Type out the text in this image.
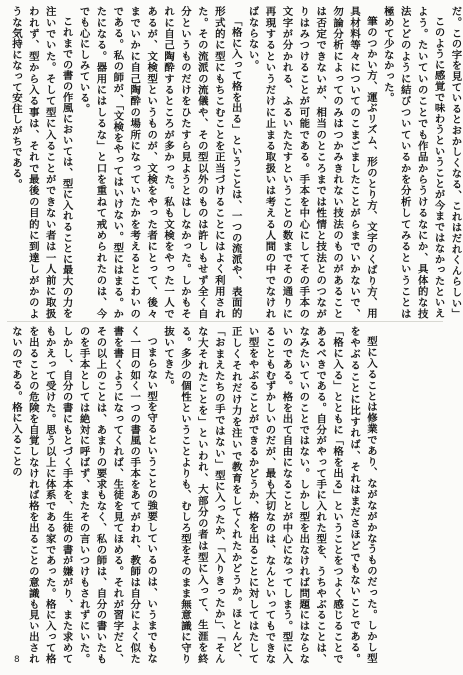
だ。この字を見ているとおかしくなる、これはだれくんらしい」

このように感覚で味わうということが今まではなかったといえよう。たいていのことでも作品からうけるなにか、具体的な技法とどのように結びついているかを分析してみるということは極めて少なかった。

筆のつかい方、運ぶリズム、形のとり方、文字のくばり方、用具材料等々についてのこまごましたことがらまでいかないで、勿論分析によってのみはつかみきれない技法のものがあることは否定できないが、相当のところまでは性情と技法とのつながりはみつけることが可能である。手本を中心にしてその手本の文字が分かれる、ふるいたたすということの数までその通りに再現するというだけに止まる取扱いは考える人間の中でなければならない。

「格に入って格を出る」ということは、一つの流派や、表面的形式的に型にもちこむことを正当づけることにはよく利用された。その流派の流儀や、その型以外のものは許しもせず全く自分というものだけをひたすら見ようとはしなかった。しかもそれに自己陶酔するところが多かった。私も文検をやった一人であるが、文検型というものが、文検をやった者にとって、後々までいかに自己陶酔の場所になっていたかを考えるとこわいのである。私の師が、「文検をやってはいけない。型にはまる。かたになる。器用にはしるな」と口を重ねて戒められたのは、今でも心にしみている。

これまでの書の作風においては、型に入れることに最大の力を注いでいた。そして型に入ることができない者は一人前に取扱われず、型から入る事は、それで最後の目的に到達しがかのような気持になって安住しがちである。

型に入ることは修業であり、ながながかなうものだった。しかし型をやぶることに比すれば、それはまださほどでもないことである。「格に入る」とともに「格を出る」ということをつよく感じることであるべきである。自分がやって手に入れた型を、うちやぶることは、なみたいていのことではない。しかし型を出なければ問題にはならないのである。格を出て自由になることが中心になってしまう。型に入ることもむずかしいのだが、最も大切なのは、なんといってもできない型をやぶることができるかどうか、格を出ることに対してはたして正しくそれだけ力を注いで教育をしてくれたかどうか。ほとんど、「おまえたちの手ではない」型に入ったか、「入りきったか」、「そんな大それたことを」といわれ、大部分の者は型に入って、生涯を終る。多少の個性ということよりも、むしろ型をそのまま無意識に守り抜いてきた。

つまらない型を守るということの強要しているのは、いうまでもなく一日の如く一つの書風の手本をあてがわれ、教師は自分によく似た書を書くようになってくれば、生徒を見てほめる。それが習字だと、その以上のことは、あまりの要求もなく、私の師は、自分の書いたものを手本としては絶対に呼ばず、またその言いつけもされずにいた。しかし、自分の書にもとづく手本を、生徒の書が嫌がり、また求めてもかえって受けた。思う以上に体系である家であった。格に入って格を出ることの危険を自覚しなければ格を出ることの意識も見い出されないのである。格に入ることの

8
